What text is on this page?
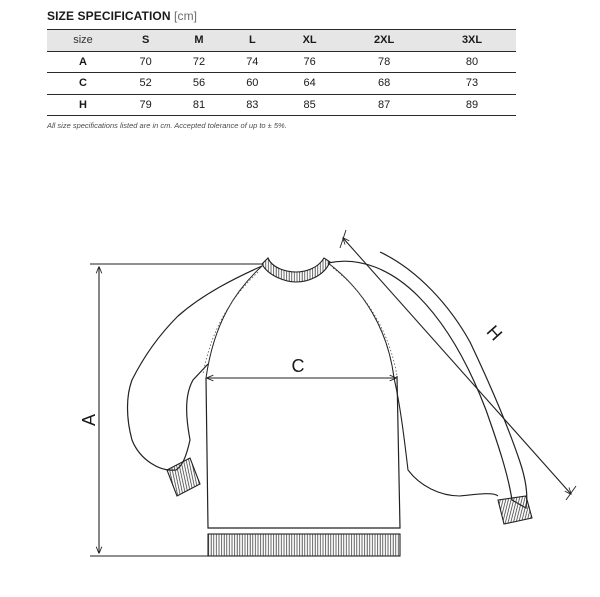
SIZE SPECIFICATION [cm]
size	S	M	L	XL	2XL	3XL
A	70	72	74	76	78	80
C	52	56	60	64	68	73
H	79	81	83	85	87	89
All size specifications listed are in cm. Accepted tolerance of up to ± 5%.
A
C
H
